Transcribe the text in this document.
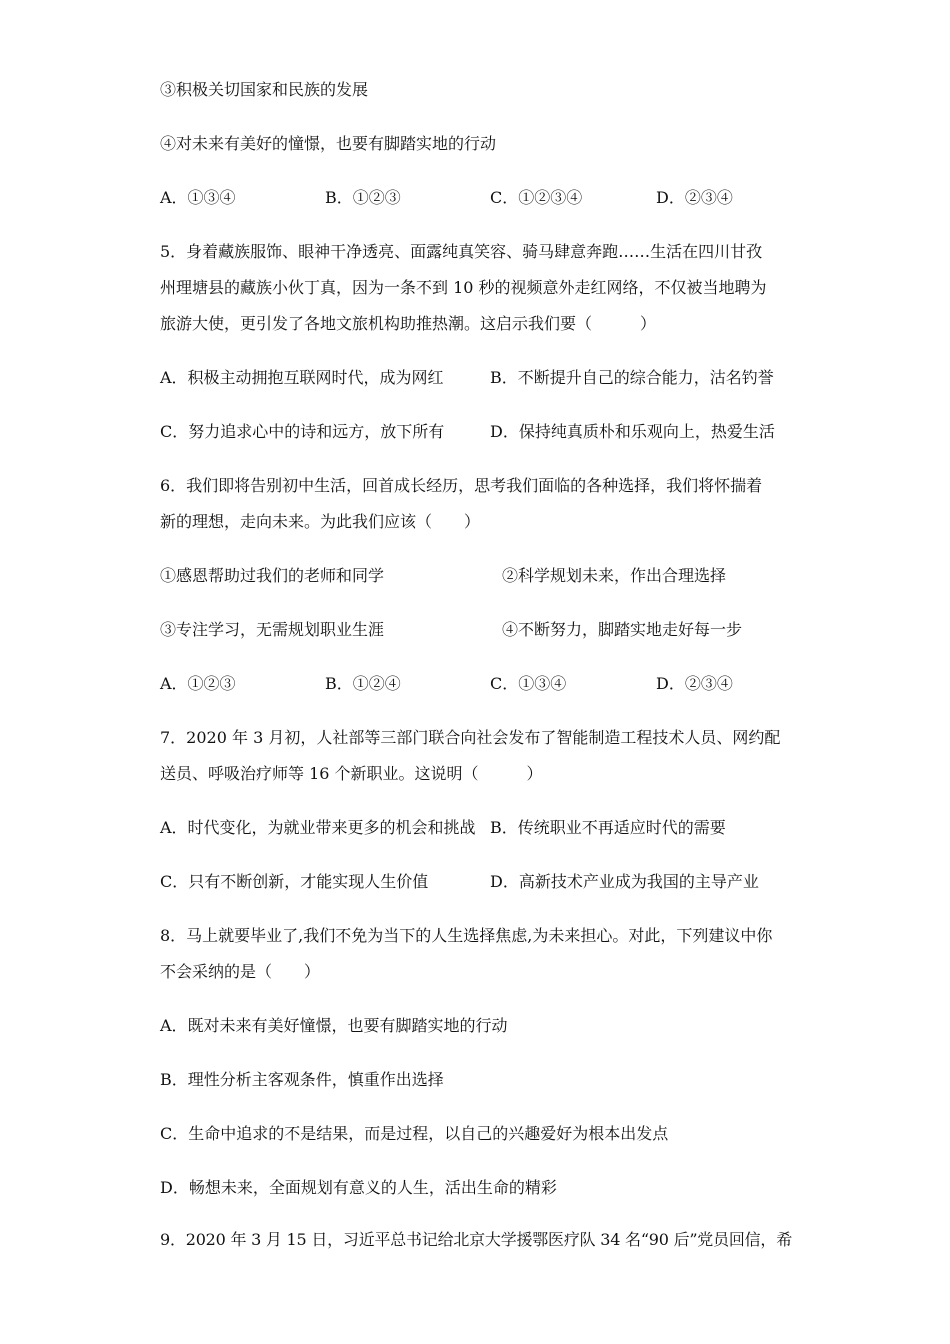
③积极关切国家和民族的发展
④对未来有美好的憧憬，也要有脚踏实地的行动
A．①③④	B．①②③	C．①②③④	D．②③④
5．身着藏族服饰、眼神干净透亮、面露纯真笑容、骑马肆意奔跑……生活在四川甘孜
州理塘县的藏族小伙丁真，因为一条不到 10 秒的视频意外走红网络，不仅被当地聘为
旅游大使，更引发了各地文旅机构助推热潮。这启示我们要（　　　）
A．积极主动拥抱互联网时代，成为网红	B．不断提升自己的综合能力，沽名钓誉
C．努力追求心中的诗和远方，放下所有	D．保持纯真质朴和乐观向上，热爱生活
6．我们即将告别初中生活，回首成长经历，思考我们面临的各种选择，我们将怀揣着
新的理想，走向未来。为此我们应该（　　）
①感恩帮助过我们的老师和同学	②科学规划未来，作出合理选择
③专注学习，无需规划职业生涯	④不断努力，脚踏实地走好每一步
A．①②③	B．①②④	C．①③④	D．②③④
7．2020 年 3 月初，人社部等三部门联合向社会发布了智能制造工程技术人员、网约配
送员、呼吸治疗师等 16 个新职业。这说明（　　　）
A．时代变化，为就业带来更多的机会和挑战 B．传统职业不再适应时代的需要
C．只有不断创新，才能实现人生价值	D．高新技术产业成为我国的主导产业
8．马上就要毕业了,我们不免为当下的人生选择焦虑,为未来担心。对此，下列建议中你
不会采纳的是（　　）
A．既对未来有美好憧憬，也要有脚踏实地的行动
B．理性分析主客观条件，慎重作出选择
C．生命中追求的不是结果，而是过程，以自己的兴趣爱好为根本出发点
D．畅想未来，全面规划有意义的人生，活出生命的精彩
9．2020 年 3 月 15 日，习近平总书记给北京大学援鄂医疗队 34 名“90 后”党员回信，希
